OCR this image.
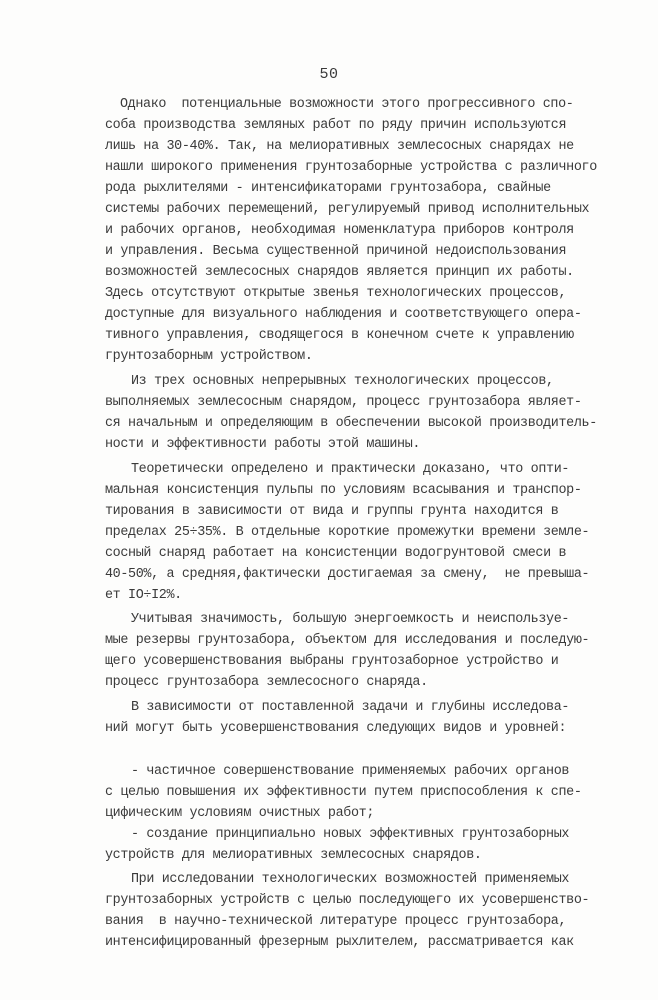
50
Однако  потенциальные возможности этого прогрессивного спо-
соба производства земляных работ по ряду причин используются
лишь на 30-40%. Так, на мелиоративных землесосных снарядах не
нашли широкого применения грунтозаборные устройства с различного
рода рыхлителями - интенсификаторами грунтозабора, свайные
системы рабочих перемещений, регулируемый привод исполнительных
и рабочих органов, необходимая номенклатура приборов контроля
и управления. Весьма существенной причиной недоиспользования
возможностей землесосных снарядов является принцип их работы.
Здесь отсутствуют открытые звенья технологических процессов,
доступные для визуального наблюдения и соответствующего опера-
тивного управления, сводящегося в конечном счете к управлению
грунтозаборным устройством.
Из трех основных непрерывных технологических процессов,
выполняемых землесосным снарядом, процесс грунтозабора являет-
ся начальным и определяющим в обеспечении высокой производитель-
ности и эффективности работы этой машины.
Теоретически определено и практически доказано, что опти-
мальная консистенция пульпы по условиям всасывания и транспор-
тирования в зависимости от вида и группы грунта находится в
пределах 25÷35%. В отдельные короткие промежутки времени земле-
сосный снаряд работает на консистенции водогрунтовой смеси в
40-50%, а средняя,фактически достигаемая за смену,  не превыша-
ет IO÷I2%.
Учитывая значимость, большую энергоемкость и неиспользуе-
мые резервы грунтозабора, объектом для исследования и последую-
щего усовершенствования выбраны грунтозаборное устройство и
процесс грунтозабора землесосного снаряда.
В зависимости от поставленной задачи и глубины исследова-
ний могут быть усовершенствования следующих видов и уровней:
- частичное совершенствование применяемых рабочих органов
с целью повышения их эффективности путем приспособления к спе-
цифическим условиям очистных работ;
- создание принципиально новых эффективных грунтозаборных
устройств для мелиоративных землесосных снарядов.
При исследовании технологических возможностей применяемых
грунтозаборных устройств с целью последующего их усовершенство-
вания  в научно-технической литературе процесс грунтозабора,
интенсифицированный фрезерным рыхлителем, рассматривается как
